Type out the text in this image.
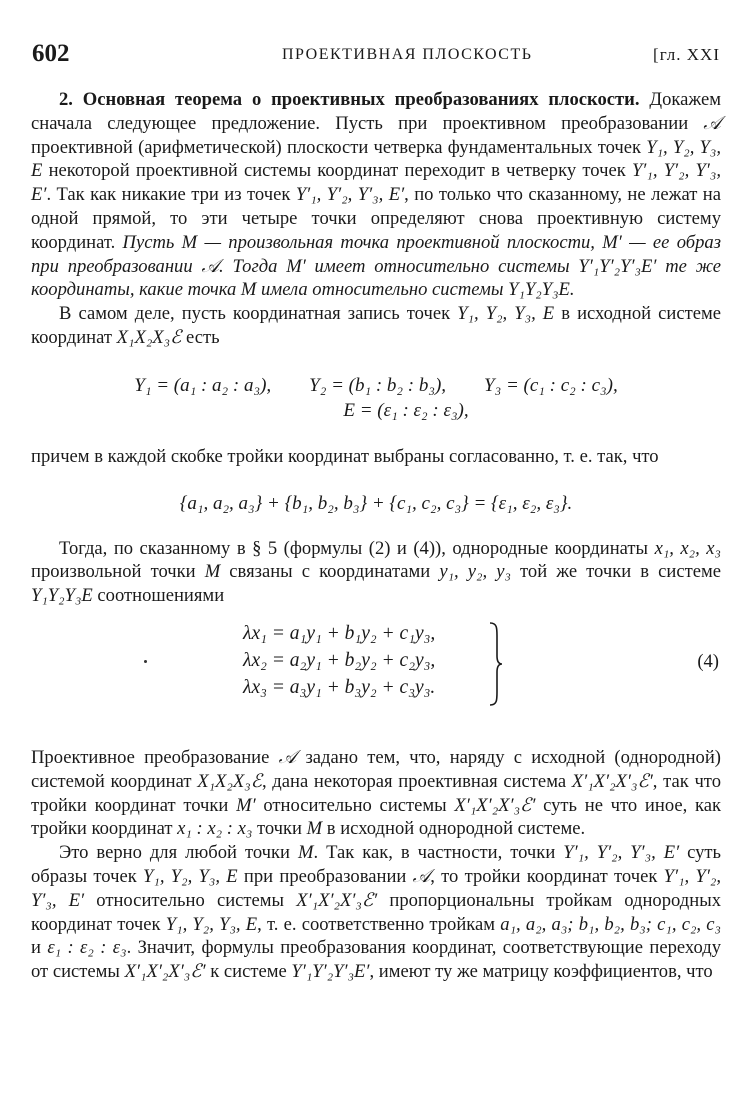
602	ПРОЕКТИВНАЯ ПЛОСКОСТЬ	[гл. XXI

2. Основная теорема о проективных преобразованиях плоскости. Докажем сначала следующее предложение. Пусть при проективном преобразовании 𝒜 проективной (арифметической) плоскости четверка фундаментальных точек Y₁, Y₂, Y₃, E некоторой проективной системы координат переходит в четверку точек Y′₁, Y′₂, Y′₃, E′. Так как никакие три из точек Y′₁, Y′₂, Y′₃, E′, по только что сказанному, не лежат на одной прямой, то эти четыре точки определяют снова проективную систему координат. Пусть M — произвольная точка проективной плоскости, M′ — ее образ при преобразовании 𝒜. Тогда M′ имеет относительно системы Y′₁Y′₂Y′₃E′ те же координаты, какие точка M имела относительно системы Y₁Y₂Y₃E.

В самом деле, пусть координатная запись точек Y₁, Y₂, Y₃, E в исходной системе координат X₁X₂X₃ℰ есть

Y₁ = (a₁ : a₂ : a₃), Y₂ = (b₁ : b₂ : b₃), Y₃ = (c₁ : c₂ : c₃),
E = (ε₁ : ε₂ : ε₃),

причем в каждой скобке тройки координат выбраны согласованно, т. е. так, что

{a₁, a₂, a₃} + {b₁, b₂, b₃} + {c₁, c₂, c₃} = {ε₁, ε₂, ε₃}.

Тогда, по сказанному в § 5 (формулы (2) и (4)), однородные координаты x₁, x₂, x₃ произвольной точки M связаны с координатами y₁, y₂, y₃ той же точки в системе Y₁Y₂Y₃E соотношениями

λx₁ = a₁y₁ + b₁y₂ + c₁y₃,
λx₂ = a₂y₁ + b₂y₂ + c₂y₃,
λx₃ = a₃y₁ + b₃y₂ + c₃y₃.
(4)

Проективное преобразование 𝒜 задано тем, что, наряду с исходной (однородной) системой координат X₁X₂X₃ℰ, дана некоторая проективная система X′₁X′₂X′₃ℰ′, так что тройки координат точки M′ относительно системы X′₁X′₂X′₃ℰ′ суть не что иное, как тройки координат x₁ : x₂ : x₃ точки M в исходной однородной системе.

Это верно для любой точки M. Так как, в частности, точки Y′₁, Y′₂, Y′₃, E′ суть образы точек Y₁, Y₂, Y₃, E при преобразовании 𝒜, то тройки координат точек Y′₁, Y′₂, Y′₃, E′ относительно системы X′₁X′₂X′₃ℰ′ пропорциональны тройкам однородных координат точек Y₁, Y₂, Y₃, E, т. е. соответственно тройкам a₁, a₂, a₃; b₁, b₂, b₃; c₁, c₂, c₃ и ε₁ : ε₂ : ε₃. Значит, формулы преобразования координат, соответствующие переходу от системы X′₁X′₂X′₃ℰ′ к системе Y′₁Y′₂Y′₃E′, имеют ту же матрицу коэффициентов, что
